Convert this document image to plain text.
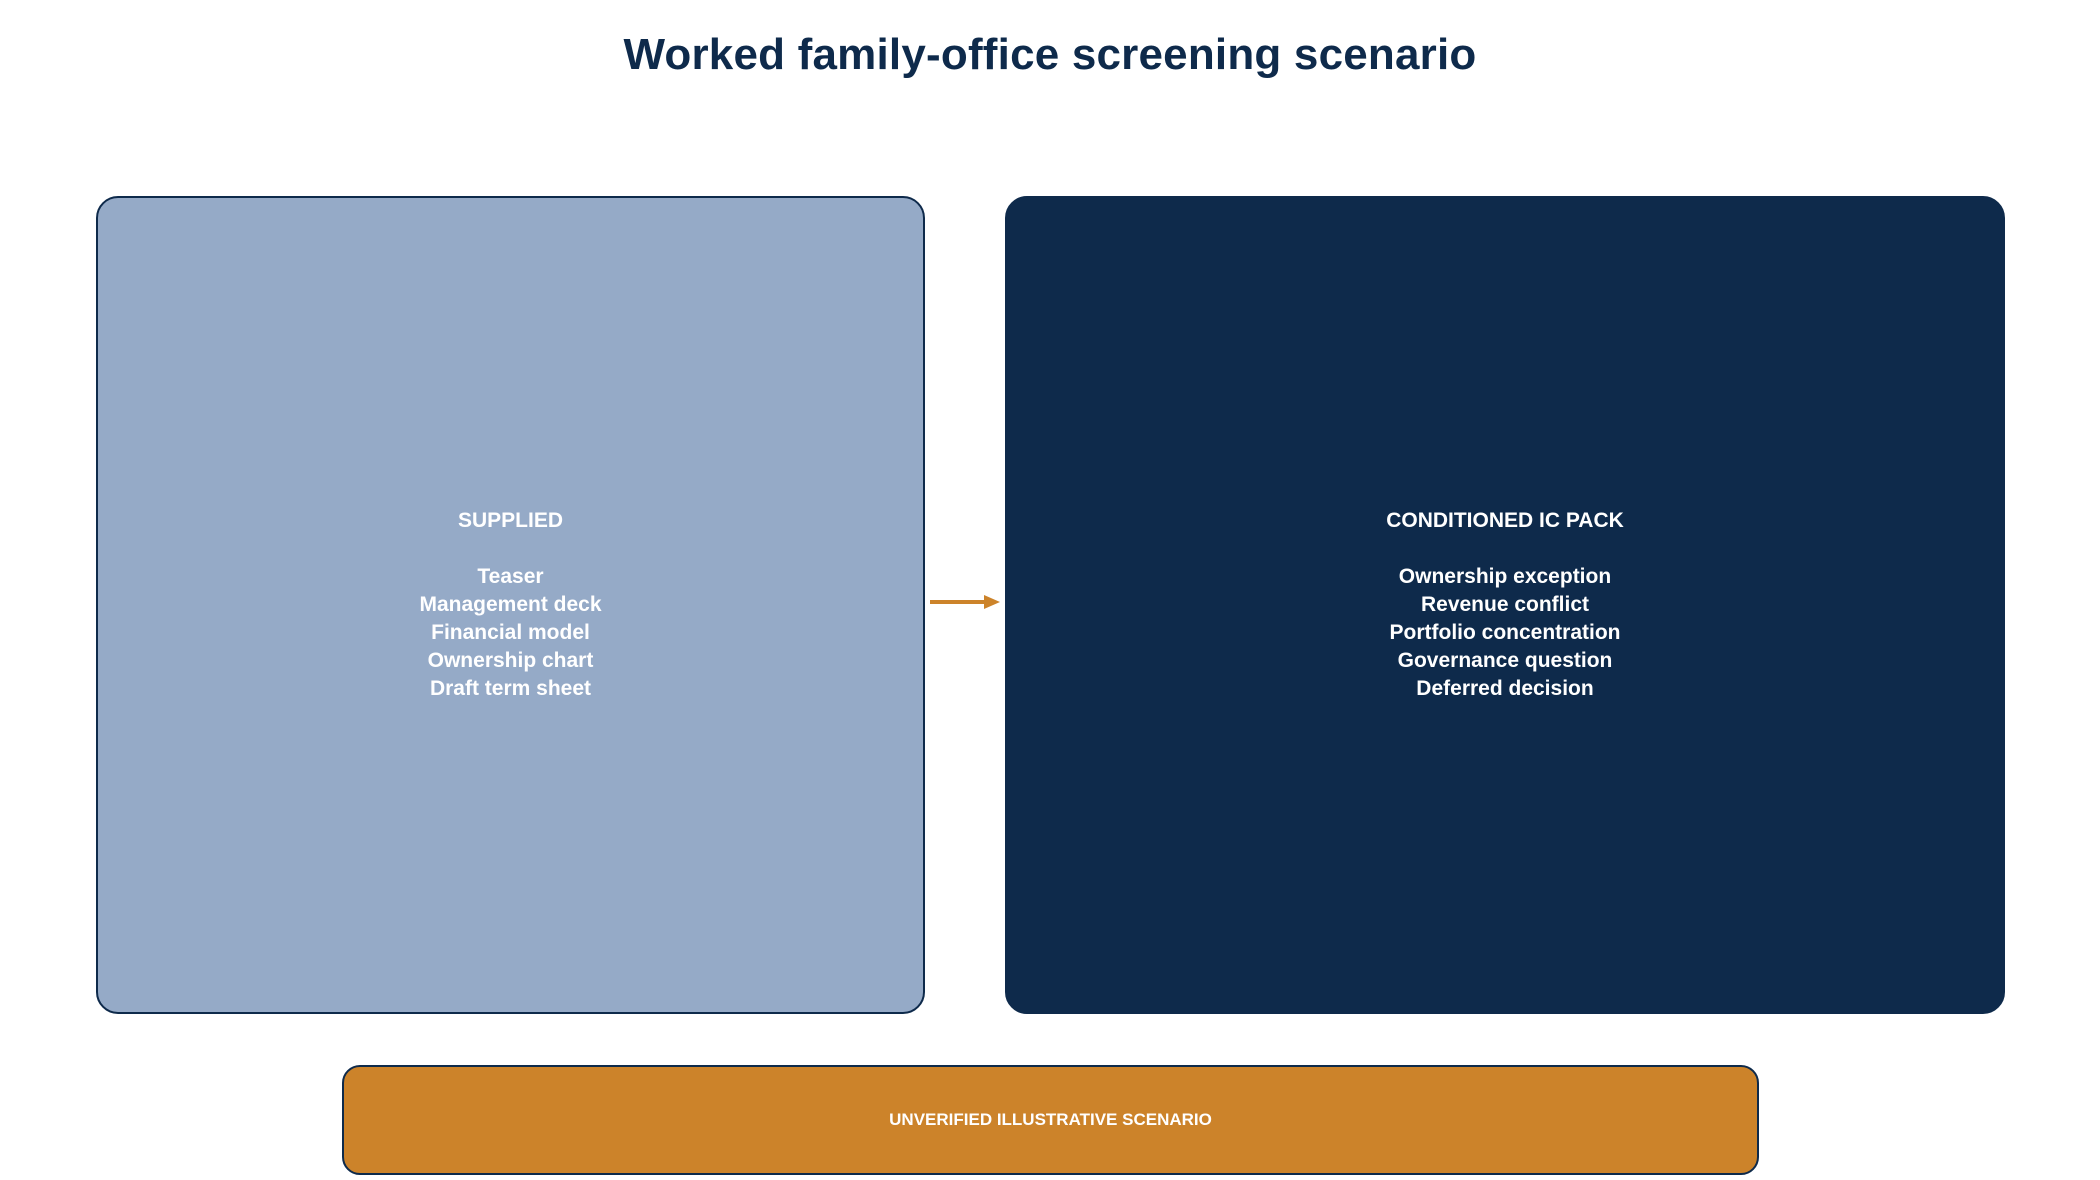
Worked family-office screening scenario
SUPPLIED
Teaser
Management deck
Financial model
Ownership chart
Draft term sheet
CONDITIONED IC PACK
Ownership exception
Revenue conflict
Portfolio concentration
Governance question
Deferred decision
UNVERIFIED ILLUSTRATIVE SCENARIO
